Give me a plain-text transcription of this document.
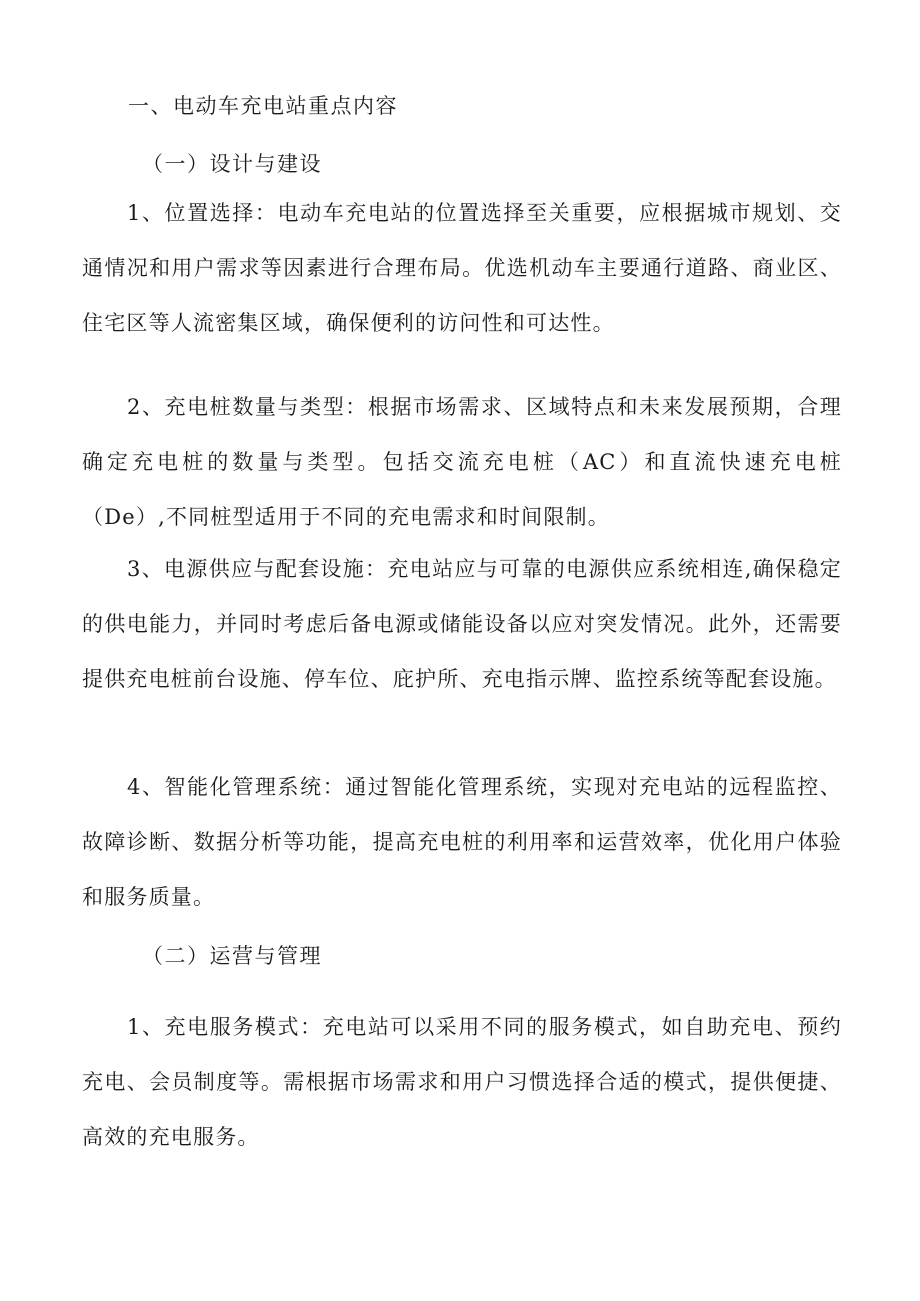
一、电动车充电站重点内容
（一）设计与建设

1、位置选择：电动车充电站的位置选择至关重要，应根据城市规划、交通情况和用户需求等因素进行合理布局。优选机动车主要通行道路、商业区、住宅区等人流密集区域，确保便利的访问性和可达性。

2、充电桩数量与类型：根据市场需求、区域特点和未来发展预期，合理确定充电桩的数量与类型。包括交流充电桩（AC）和直流快速充电桩（De）,不同桩型适用于不同的充电需求和时间限制。

3、电源供应与配套设施：充电站应与可靠的电源供应系统相连,确保稳定的供电能力，并同时考虑后备电源或储能设备以应对突发情况。此外，还需要提供充电桩前台设施、停车位、庇护所、充电指示牌、监控系统等配套设施。

4、智能化管理系统：通过智能化管理系统，实现对充电站的远程监控、故障诊断、数据分析等功能，提高充电桩的利用率和运营效率，优化用户体验和服务质量。

（二）运营与管理

1、充电服务模式：充电站可以采用不同的服务模式，如自助充电、预约充电、会员制度等。需根据市场需求和用户习惯选择合适的模式，提供便捷、高效的充电服务。
